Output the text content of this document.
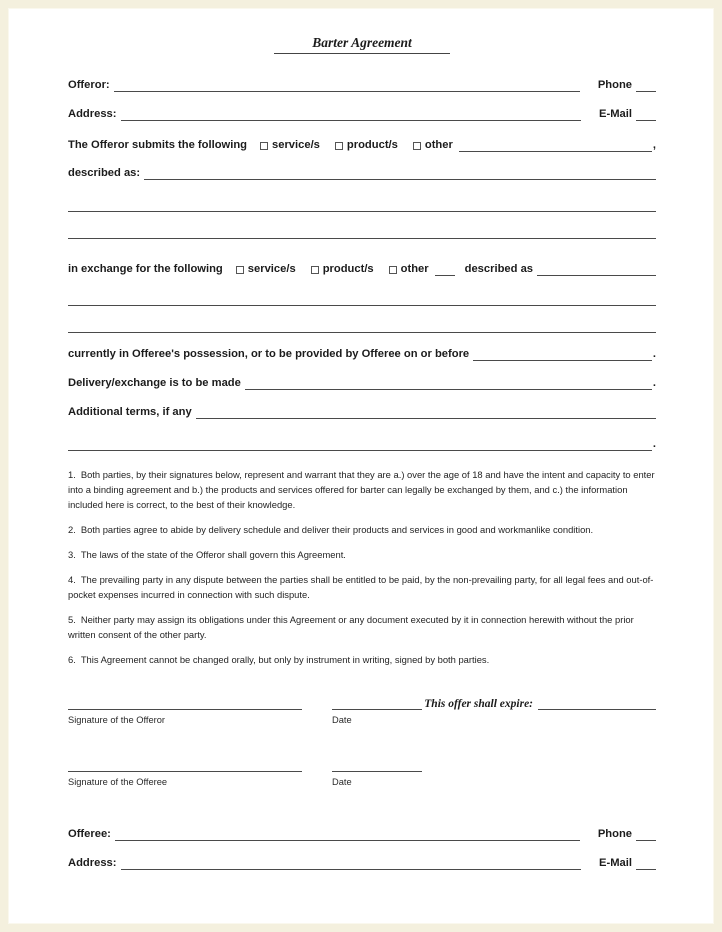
Barter Agreement
Offeror:	Phone
Address:	E-Mail
The Offeror submits the following service/s product/s other	,
described as:
in exchange for the following service/s product/s other	described as
currently in Offeree's possession, or to be provided by Offeree on or before	.
Delivery/exchange is to be made	.
Additional terms, if any
.

1. Both parties, by their signatures below, represent and warrant that they are a.) over the age of 18 and have the intent and capacity to enter into a binding agreement and b.) the products and services offered for barter can legally be exchanged by them, and c.) the information included here is correct, to the best of their knowledge.

2. Both parties agree to abide by delivery schedule and deliver their products and services in good and workmanlike condition.

3. The laws of the state of the Offeror shall govern this Agreement.

4. The prevailing party in any dispute between the parties shall be entitled to be paid, by the non-prevailing party, for all legal fees and out-of-pocket expenses incurred in connection with such dispute.

5. Neither party may assign its obligations under this Agreement or any document executed by it in connection herewith without the prior written consent of the other party.

6. This Agreement cannot be changed orally, but only by instrument in writing, signed by both parties.

This offer shall expire:
Signature of the Offeror	Date
Signature of the Offeree	Date
Offeree:	Phone
Address:	E-Mail
